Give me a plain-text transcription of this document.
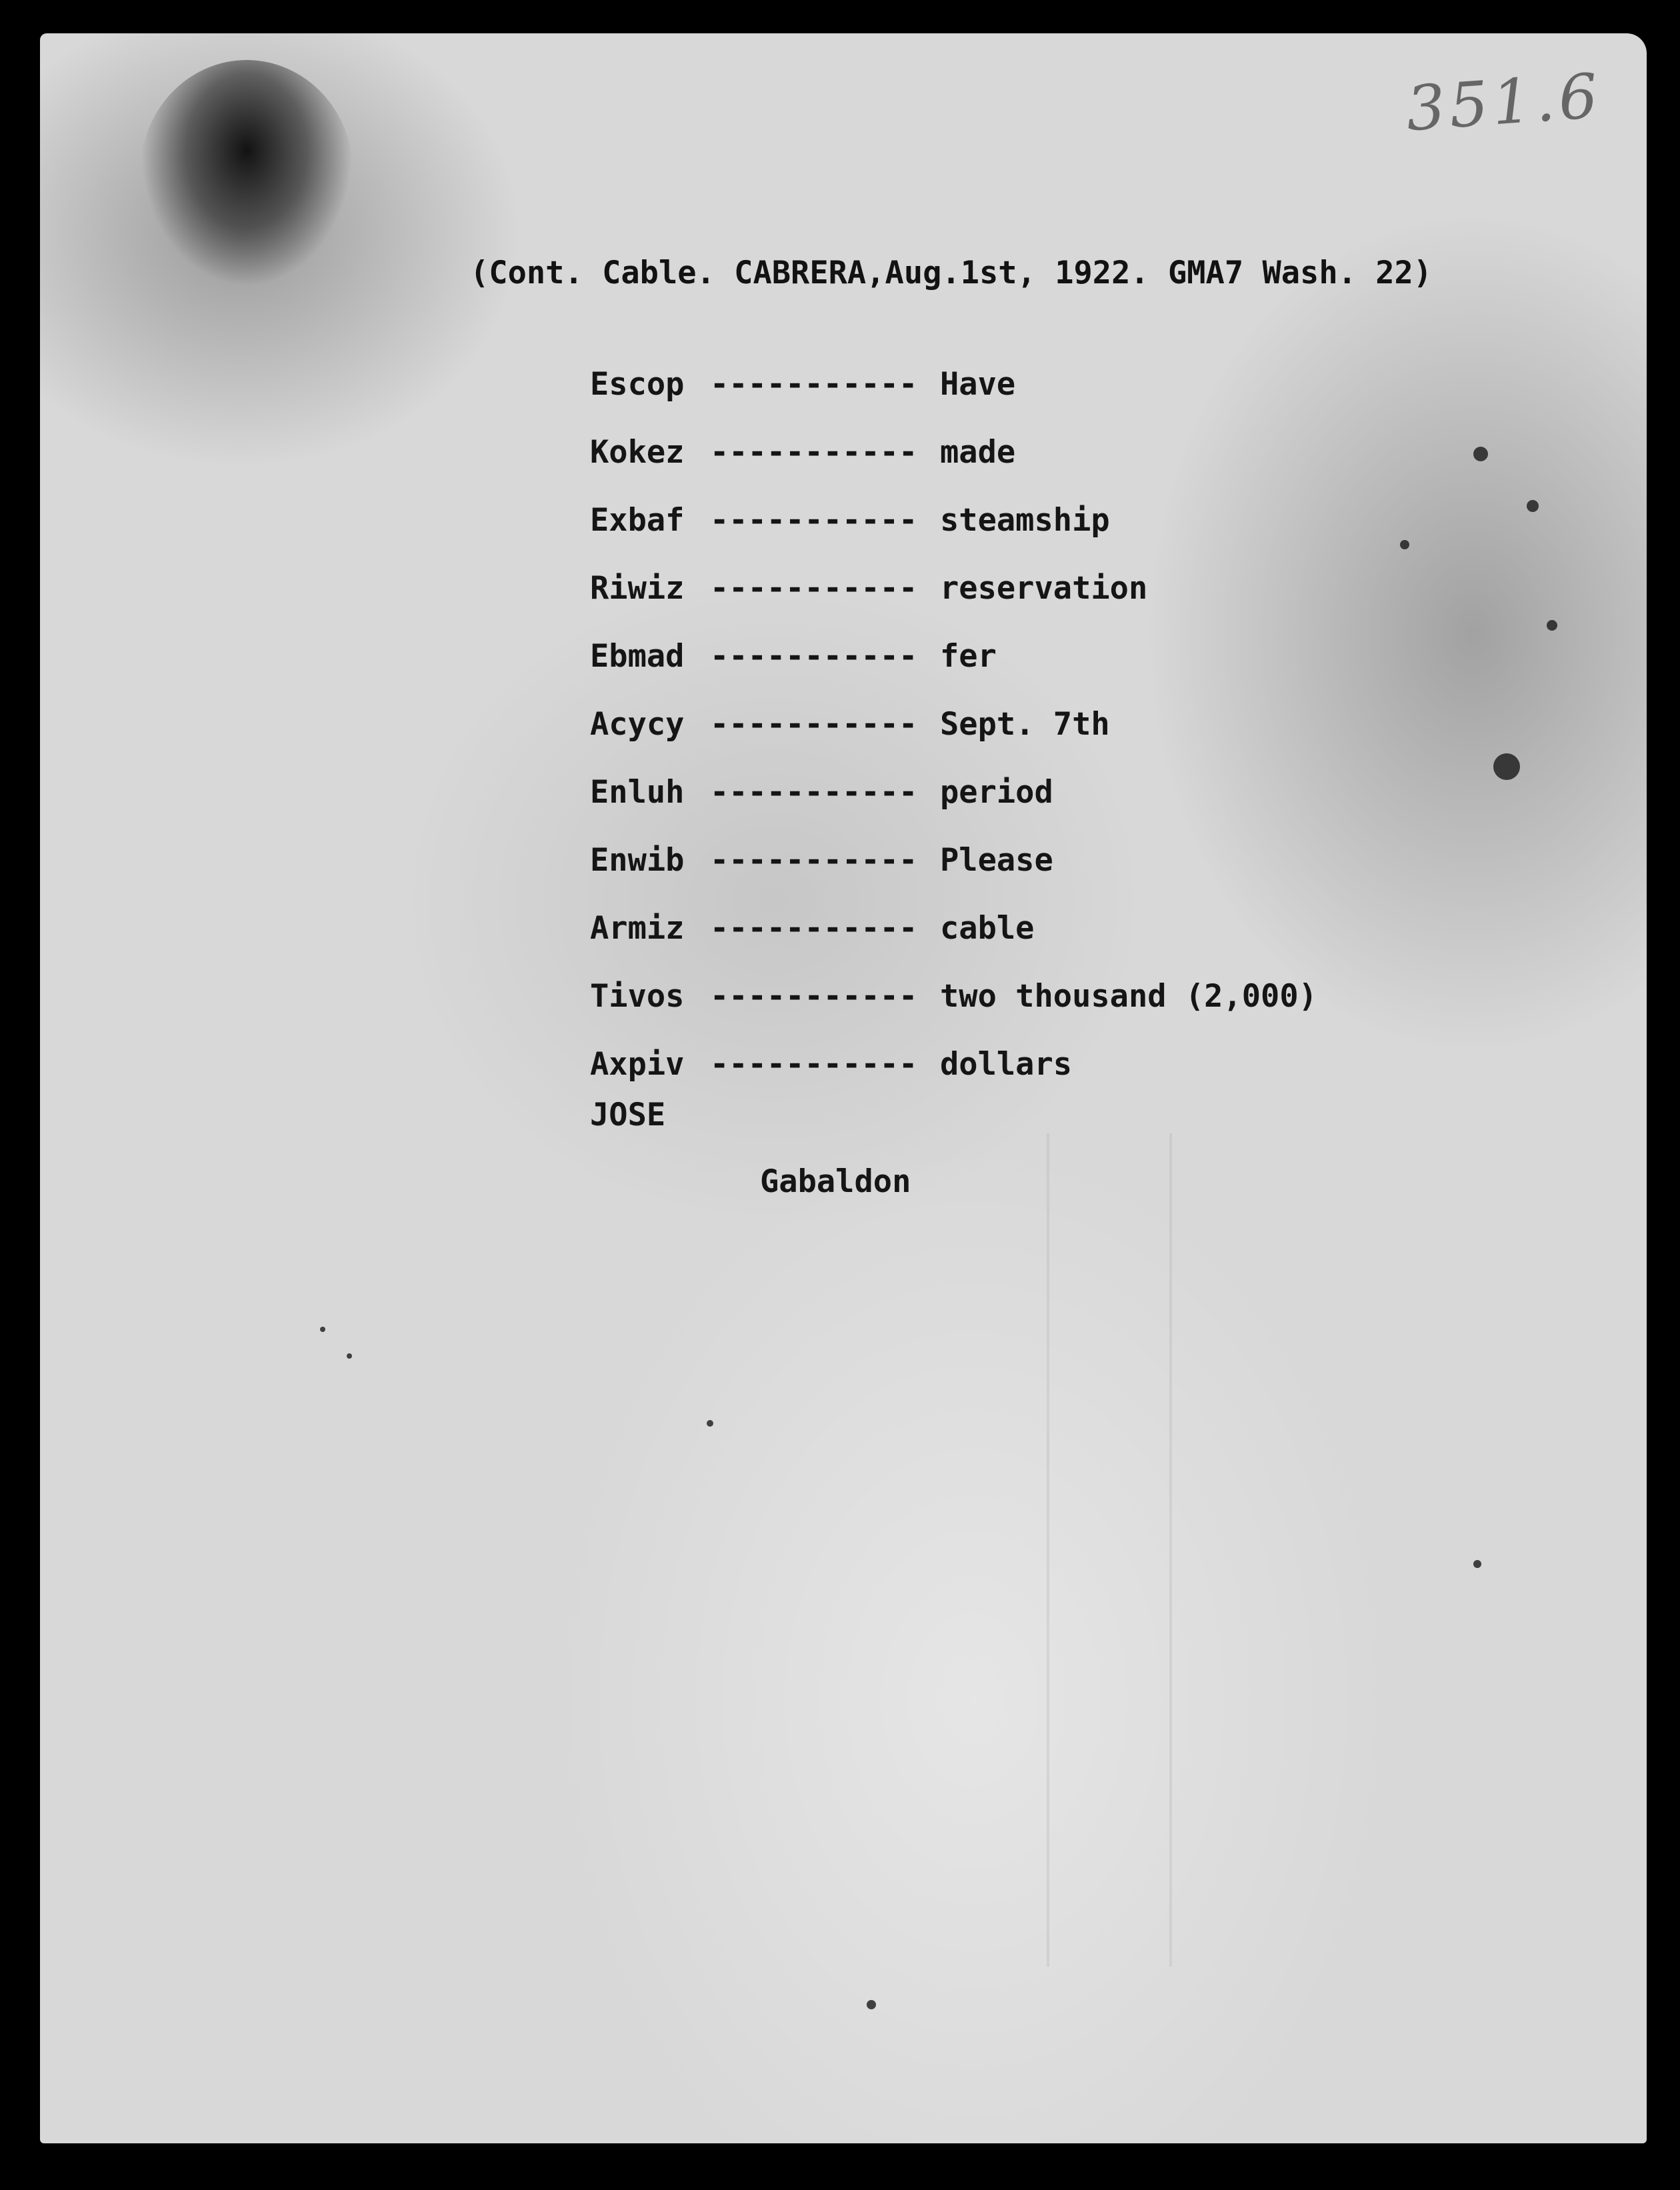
351.6
(Cont. Cable. CABRERA,Aug.1st, 1922. GMA7 Wash. 22)
Escop ----------- Have
Kokez ----------- made
Exbaf ----------- steamship
Riwiz ----------- reservation
Ebmad ----------- fer
Acycy ----------- Sept. 7th
Enluh ----------- period
Enwib ----------- Please
Armiz ----------- cable
Tivos ----------- two thousand (2,000)
Axpiv ----------- dollars
JOSE
Gabaldon
